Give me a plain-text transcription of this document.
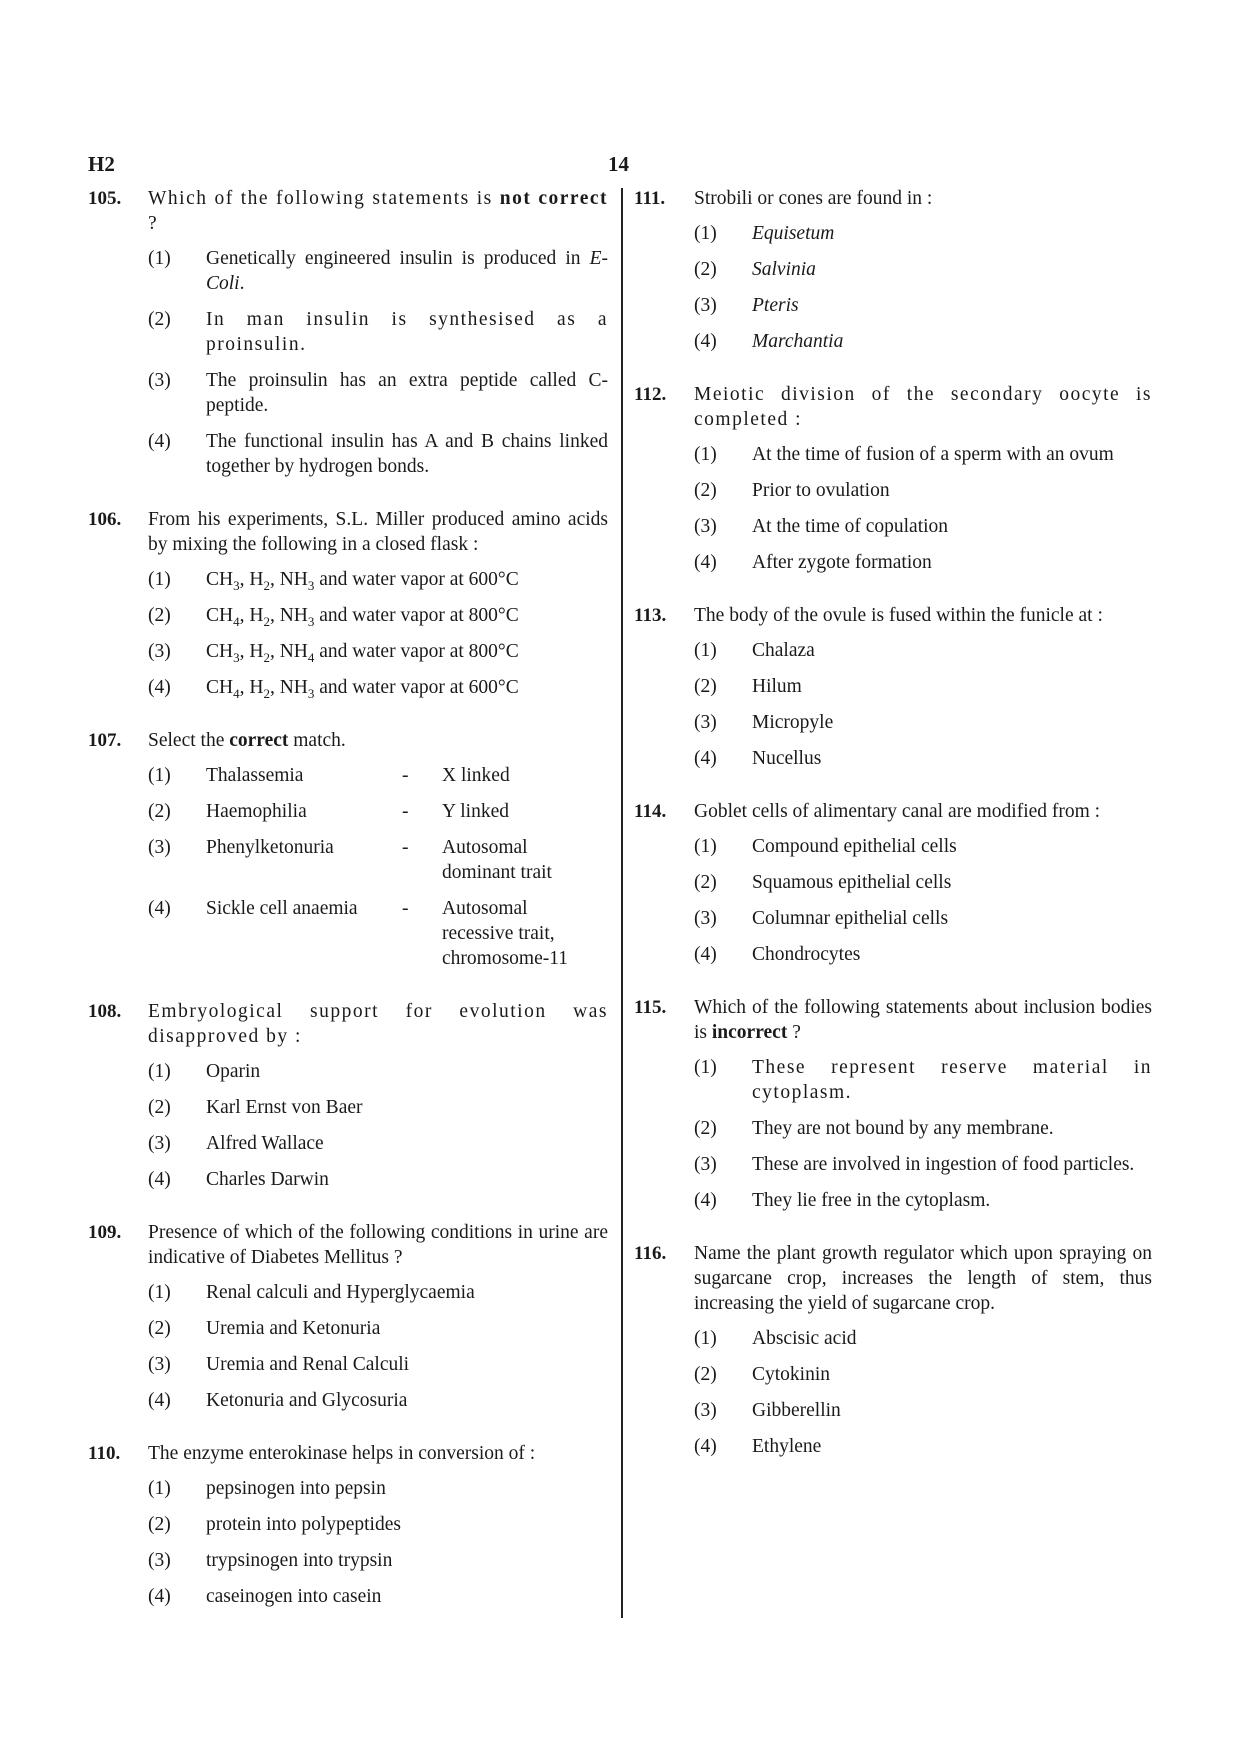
H2	14
105. Which of the following statements is not correct ?
(1) Genetically engineered insulin is produced in E-Coli.
(2) In man insulin is synthesised as a proinsulin.
(3) The proinsulin has an extra peptide called C-peptide.
(4) The functional insulin has A and B chains linked together by hydrogen bonds.
106. From his experiments, S.L. Miller produced amino acids by mixing the following in a closed flask :
(1) $CH_3$, $H_2$, $NH_3$ and water vapor at 600°C
(2) $CH_4$, $H_2$, $NH_3$ and water vapor at 800°C
(3) $CH_3$, $H_2$, $NH_4$ and water vapor at 800°C
(4) $CH_4$, $H_2$, $NH_3$ and water vapor at 600°C
107. Select the correct match.
(1) Thalassemia	-	X linked
(2) Haemophilia	-	Y linked
(3) Phenylketonuria	-	Autosomal dominant trait
(4) Sickle cell anaemia	-	Autosomal recessive trait, chromosome-11
108. Embryological support for evolution was disapproved by :
(1) Oparin
(2) Karl Ernst von Baer
(3) Alfred Wallace
(4) Charles Darwin
109. Presence of which of the following conditions in urine are indicative of Diabetes Mellitus ?
(1) Renal calculi and Hyperglycaemia
(2) Uremia and Ketonuria
(3) Uremia and Renal Calculi
(4) Ketonuria and Glycosuria
110. The enzyme enterokinase helps in conversion of :
(1) pepsinogen into pepsin
(2) protein into polypeptides
(3) trypsinogen into trypsin
(4) caseinogen into casein
111. Strobili or cones are found in :
(1) Equisetum
(2) Salvinia
(3) Pteris
(4) Marchantia
112. Meiotic division of the secondary oocyte is completed :
(1) At the time of fusion of a sperm with an ovum
(2) Prior to ovulation
(3) At the time of copulation
(4) After zygote formation
113. The body of the ovule is fused within the funicle at :
(1) Chalaza
(2) Hilum
(3) Micropyle
(4) Nucellus
114. Goblet cells of alimentary canal are modified from :
(1) Compound epithelial cells
(2) Squamous epithelial cells
(3) Columnar epithelial cells
(4) Chondrocytes
115. Which of the following statements about inclusion bodies is incorrect ?
(1) These represent reserve material in cytoplasm.
(2) They are not bound by any membrane.
(3) These are involved in ingestion of food particles.
(4) They lie free in the cytoplasm.
116. Name the plant growth regulator which upon spraying on sugarcane crop, increases the length of stem, thus increasing the yield of sugarcane crop.
(1) Abscisic acid
(2) Cytokinin
(3) Gibberellin
(4) Ethylene
